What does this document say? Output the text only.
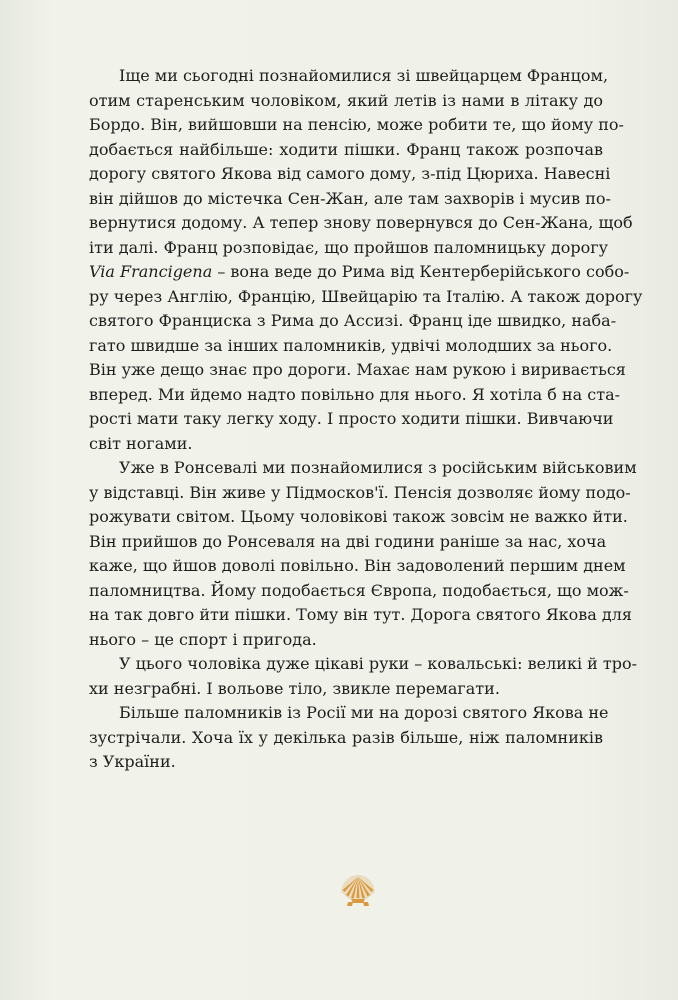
Іще ми сьогодні познайомилися зі швейцарцем Францом,
отим старенським чоловіком, який летів із нами в літаку до
Бордо. Він, вийшовши на пенсію, може робити те, що йому по-
добається найбільше: ходити пішки. Франц також розпочав
дорогу святого Якова від самого дому, з-під Цюриха. Навесні
він дійшов до містечка Сен-Жан, але там захворів і мусив по-
вернутися додому. А тепер знову повернувся до Сен-Жана, щоб
іти далі. Франц розповідає, що пройшов паломницьку дорогу
Via Francigena – вона веде до Рима від Кентерберійського собо-
ру через Англію, Францію, Швейцарію та Італію. А також дорогу
святого Франциска з Рима до Ассизі. Франц іде швидко, наба-
гато швидше за інших паломників, удвічі молодших за нього.
Він уже дещо знає про дороги. Махає нам рукою і виривається
вперед. Ми йдемо надто повільно для нього. Я хотіла б на ста-
рості мати таку легку ходу. І просто ходити пішки. Вивчаючи
світ ногами.

Уже в Ронсевалі ми познайомилися з російським військовим
у відставці. Він живе у Підмосков'ї. Пенсія дозволяє йому подо-
рожувати світом. Цьому чоловікові також зовсім не важко йти.
Він прийшов до Ронсеваля на дві години раніше за нас, хоча
каже, що йшов доволі повільно. Він задоволений першим днем
паломництва. Йому подобається Європа, подобається, що мож-
на так довго йти пішки. Тому він тут. Дорога святого Якова для
нього – це спорт і пригода.

У цього чоловіка дуже цікаві руки – ковальські: великі й тро-
хи незграбні. І вольове тіло, звикле перемагати.

Більше паломників із Росії ми на дорозі святого Якова не
зустрічали. Хоча їх у декілька разів більше, ніж паломників
з України.
